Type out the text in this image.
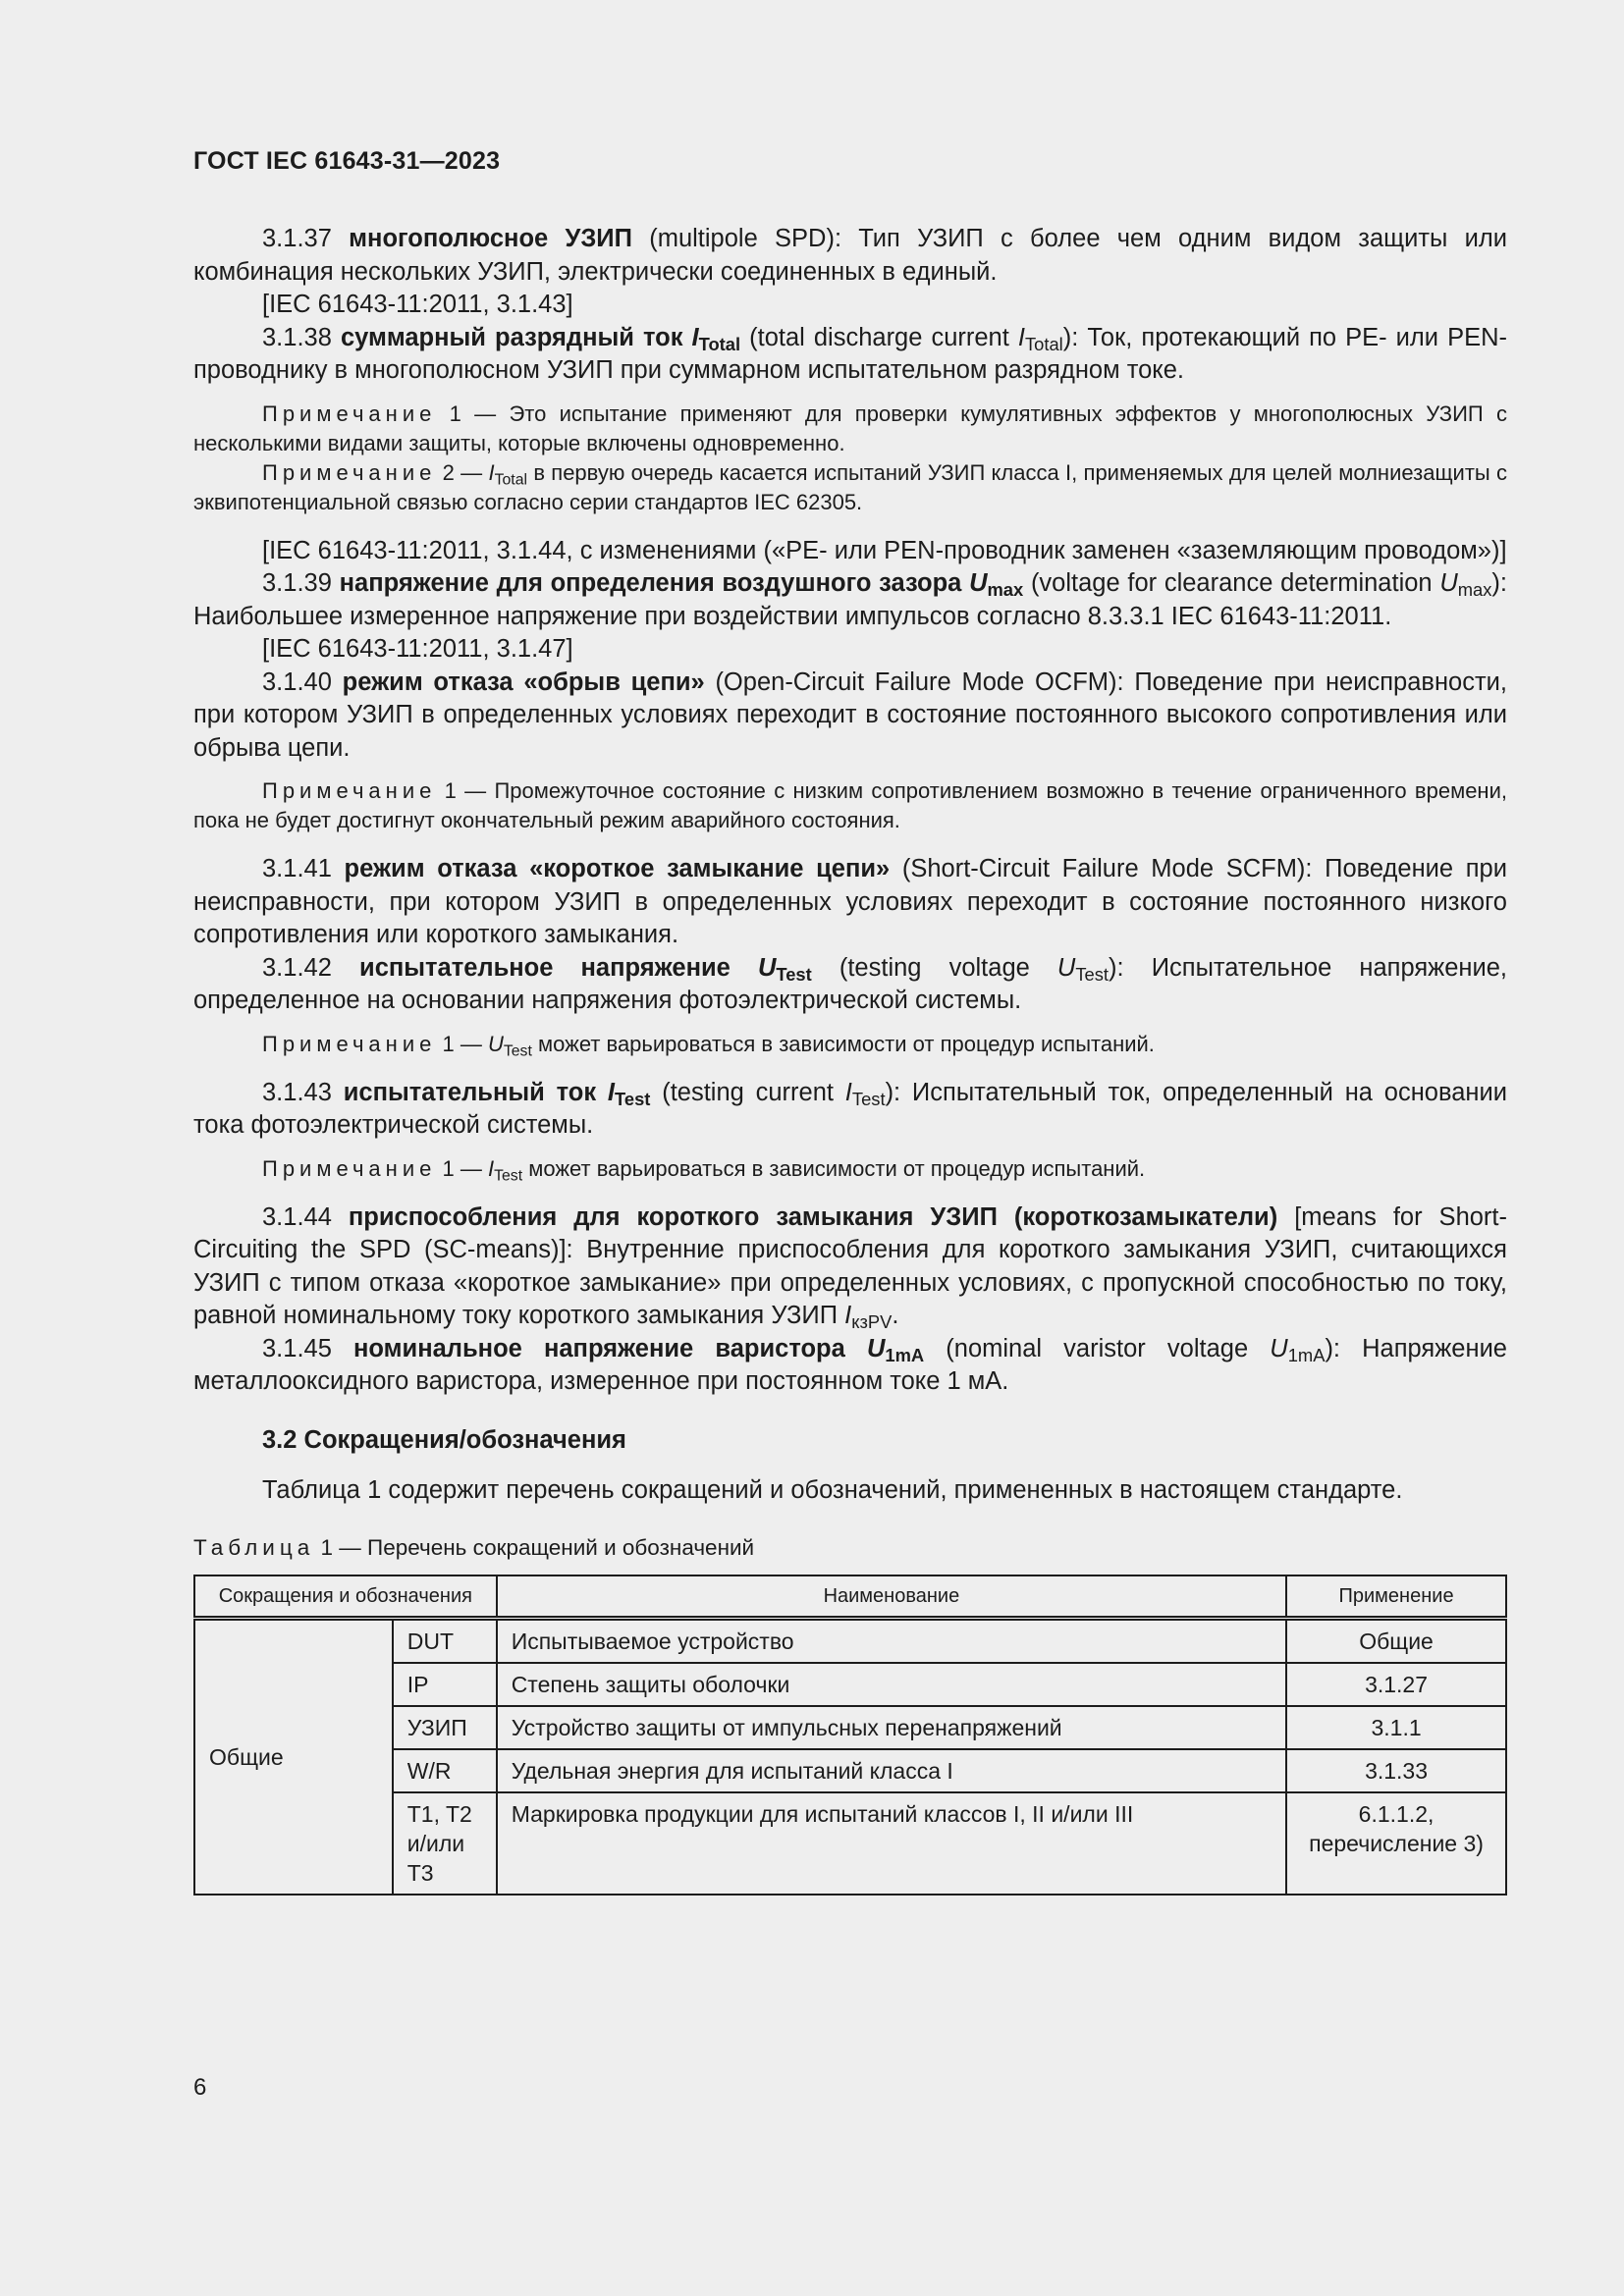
ГОСТ IEC 61643-31—2023

3.1.37 многополюсное УЗИП (multipole SPD): Тип УЗИП с более чем одним видом защиты или комбинация нескольких УЗИП, электрически соединенных в единый.

[IEC 61643-11:2011, 3.1.43]

3.1.38 суммарный разрядный ток $I_{Total}$ (total discharge current $I_{Total}$): Ток, протекающий по PE- или PEN-проводнику в многополюсном УЗИП при суммарном испытательном разрядном токе.

Примечание 1 — Это испытание применяют для проверки кумулятивных эффектов у многополюсных УЗИП с несколькими видами защиты, которые включены одновременно.

Примечание 2 — $I_{Total}$ в первую очередь касается испытаний УЗИП класса I, применяемых для целей молниезащиты с эквипотенциальной связью согласно серии стандартов IEC 62305.

[IEC 61643-11:2011, 3.1.44, с изменениями («PE- или PEN-проводник заменен «заземляющим проводом»)]

3.1.39 напряжение для определения воздушного зазора $U_{max}$ (voltage for clearance determination $U_{max}$): Наибольшее измеренное напряжение при воздействии импульсов согласно 8.3.3.1 IEC 61643-11:2011.

[IEC 61643-11:2011, 3.1.47]

3.1.40 режим отказа «обрыв цепи» (Open-Circuit Failure Mode OCFM): Поведение при неисправности, при котором УЗИП в определенных условиях переходит в состояние постоянного высокого сопротивления или обрыва цепи.

Примечание 1 — Промежуточное состояние с низким сопротивлением возможно в течение ограниченного времени, пока не будет достигнут окончательный режим аварийного состояния.

3.1.41 режим отказа «короткое замыкание цепи» (Short-Circuit Failure Mode SCFM): Поведение при неисправности, при котором УЗИП в определенных условиях переходит в состояние постоянного низкого сопротивления или короткого замыкания.

3.1.42 испытательное напряжение $U_{Test}$ (testing voltage $U_{Test}$): Испытательное напряжение, определенное на основании напряжения фотоэлектрической системы.

Примечание 1 — $U_{Test}$ может варьироваться в зависимости от процедур испытаний.

3.1.43 испытательный ток $I_{Test}$ (testing current $I_{Test}$): Испытательный ток, определенный на основании тока фотоэлектрической системы.

Примечание 1 — $I_{Test}$ может варьироваться в зависимости от процедур испытаний.

3.1.44 приспособления для короткого замыкания УЗИП (короткозамыкатели) [means for Short-Circuiting the SPD (SC-means)]: Внутренние приспособления для короткого замыкания УЗИП, считающихся УЗИП с типом отказа «короткое замыкание» при определенных условиях, с пропускной способностью по току, равной номинальному току короткого замыкания УЗИП $I_{кзPV}$.

3.1.45 номинальное напряжение варистора $U_{1mA}$ (nominal varistor voltage $U_{1mA}$): Напряжение металлооксидного варистора, измеренное при постоянном токе 1 мА.

3.2 Сокращения/обозначения

Таблица 1 содержит перечень сокращений и обозначений, примененных в настоящем стандарте.

Таблица 1 — Перечень сокращений и обозначений

Сокращения и обозначения		Наименование	Применение
Общие	DUT	Испытываемое устройство	Общие
	IP	Степень защиты оболочки	3.1.27
	УЗИП	Устройство защиты от импульсных перенапряжений	3.1.1
	W/R	Удельная энергия для испытаний класса I	3.1.33
	T1, T2 и/или T3	Маркировка продукции для испытаний классов I, II и/или III	6.1.1.2, перечисление 3)
6
